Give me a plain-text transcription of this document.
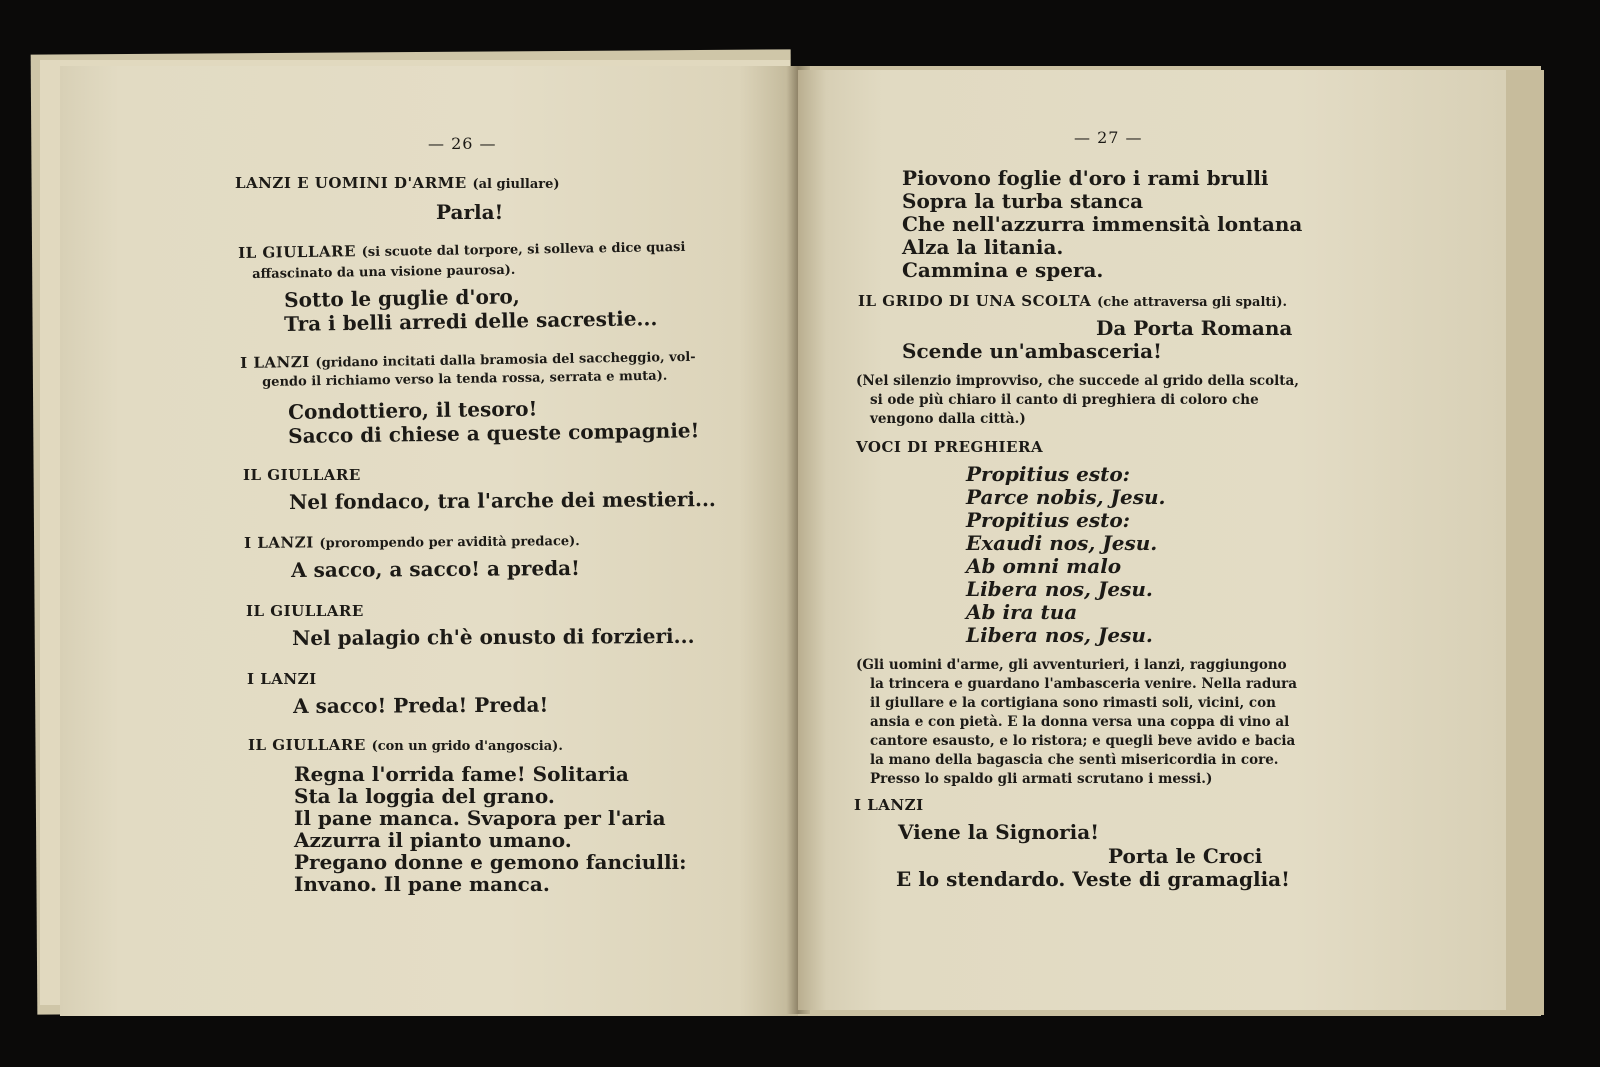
— 26 —
LANZI E UOMINI D'ARME (al giullare)
Parla!
IL GIULLARE (si scuote dal torpore, si solleva e dice quasi
affascinato da una visione paurosa).
Sotto le guglie d'oro,
Tra i belli arredi delle sacrestie...
I LANZI (gridano incitati dalla bramosia del saccheggio, vol-
gendo il richiamo verso la tenda rossa, serrata e muta).
Condottiero, il tesoro!
Sacco di chiese a queste compagnie!
IL GIULLARE
Nel fondaco, tra l'arche dei mestieri...
I LANZI (prorompendo per avidità predace).
A sacco, a sacco! a preda!
IL GIULLARE
Nel palagio ch'è onusto di forzieri...
I LANZI
A sacco! Preda! Preda!
IL GIULLARE (con un grido d'angoscia).
Regna l'orrida fame! Solitaria
Sta la loggia del grano.
Il pane manca. Svapora per l'aria
Azzurra il pianto umano.
Pregano donne e gemono fanciulli:
Invano. Il pane manca.
— 27 —
Piovono foglie d'oro i rami brulli
Sopra la turba stanca
Che nell'azzurra immensità lontana
Alza la litania.
Cammina e spera.
IL GRIDO DI UNA SCOLTA (che attraversa gli spalti).
Da Porta Romana
Scende un'ambasceria!
(Nel silenzio improvviso, che succede al grido della scolta, si ode più chiaro il canto di preghiera di coloro che vengono dalla città.)
VOCI DI PREGHIERA
Propitius esto:
Parce nobis, Jesu.
Propitius esto:
Exaudi nos, Jesu.
Ab omni malo
Libera nos, Jesu.
Ab ira tua
Libera nos, Jesu.
(Gli uomini d'arme, gli avventurieri, i lanzi, raggiungono la trincera e guardano l'ambasceria venire. Nella radura il giullare e la cortigiana sono rimasti soli, vicini, con ansia e con pietà. E la donna versa una coppa di vino al cantore esausto, e lo ristora; e quegli beve avido e bacia la mano della bagascia che sentì misericordia in core. Presso lo spaldo gli armati scrutano i messi.)
I LANZI
Viene la Signoria!
Porta le Croci
E lo stendardo. Veste di gramaglia!
